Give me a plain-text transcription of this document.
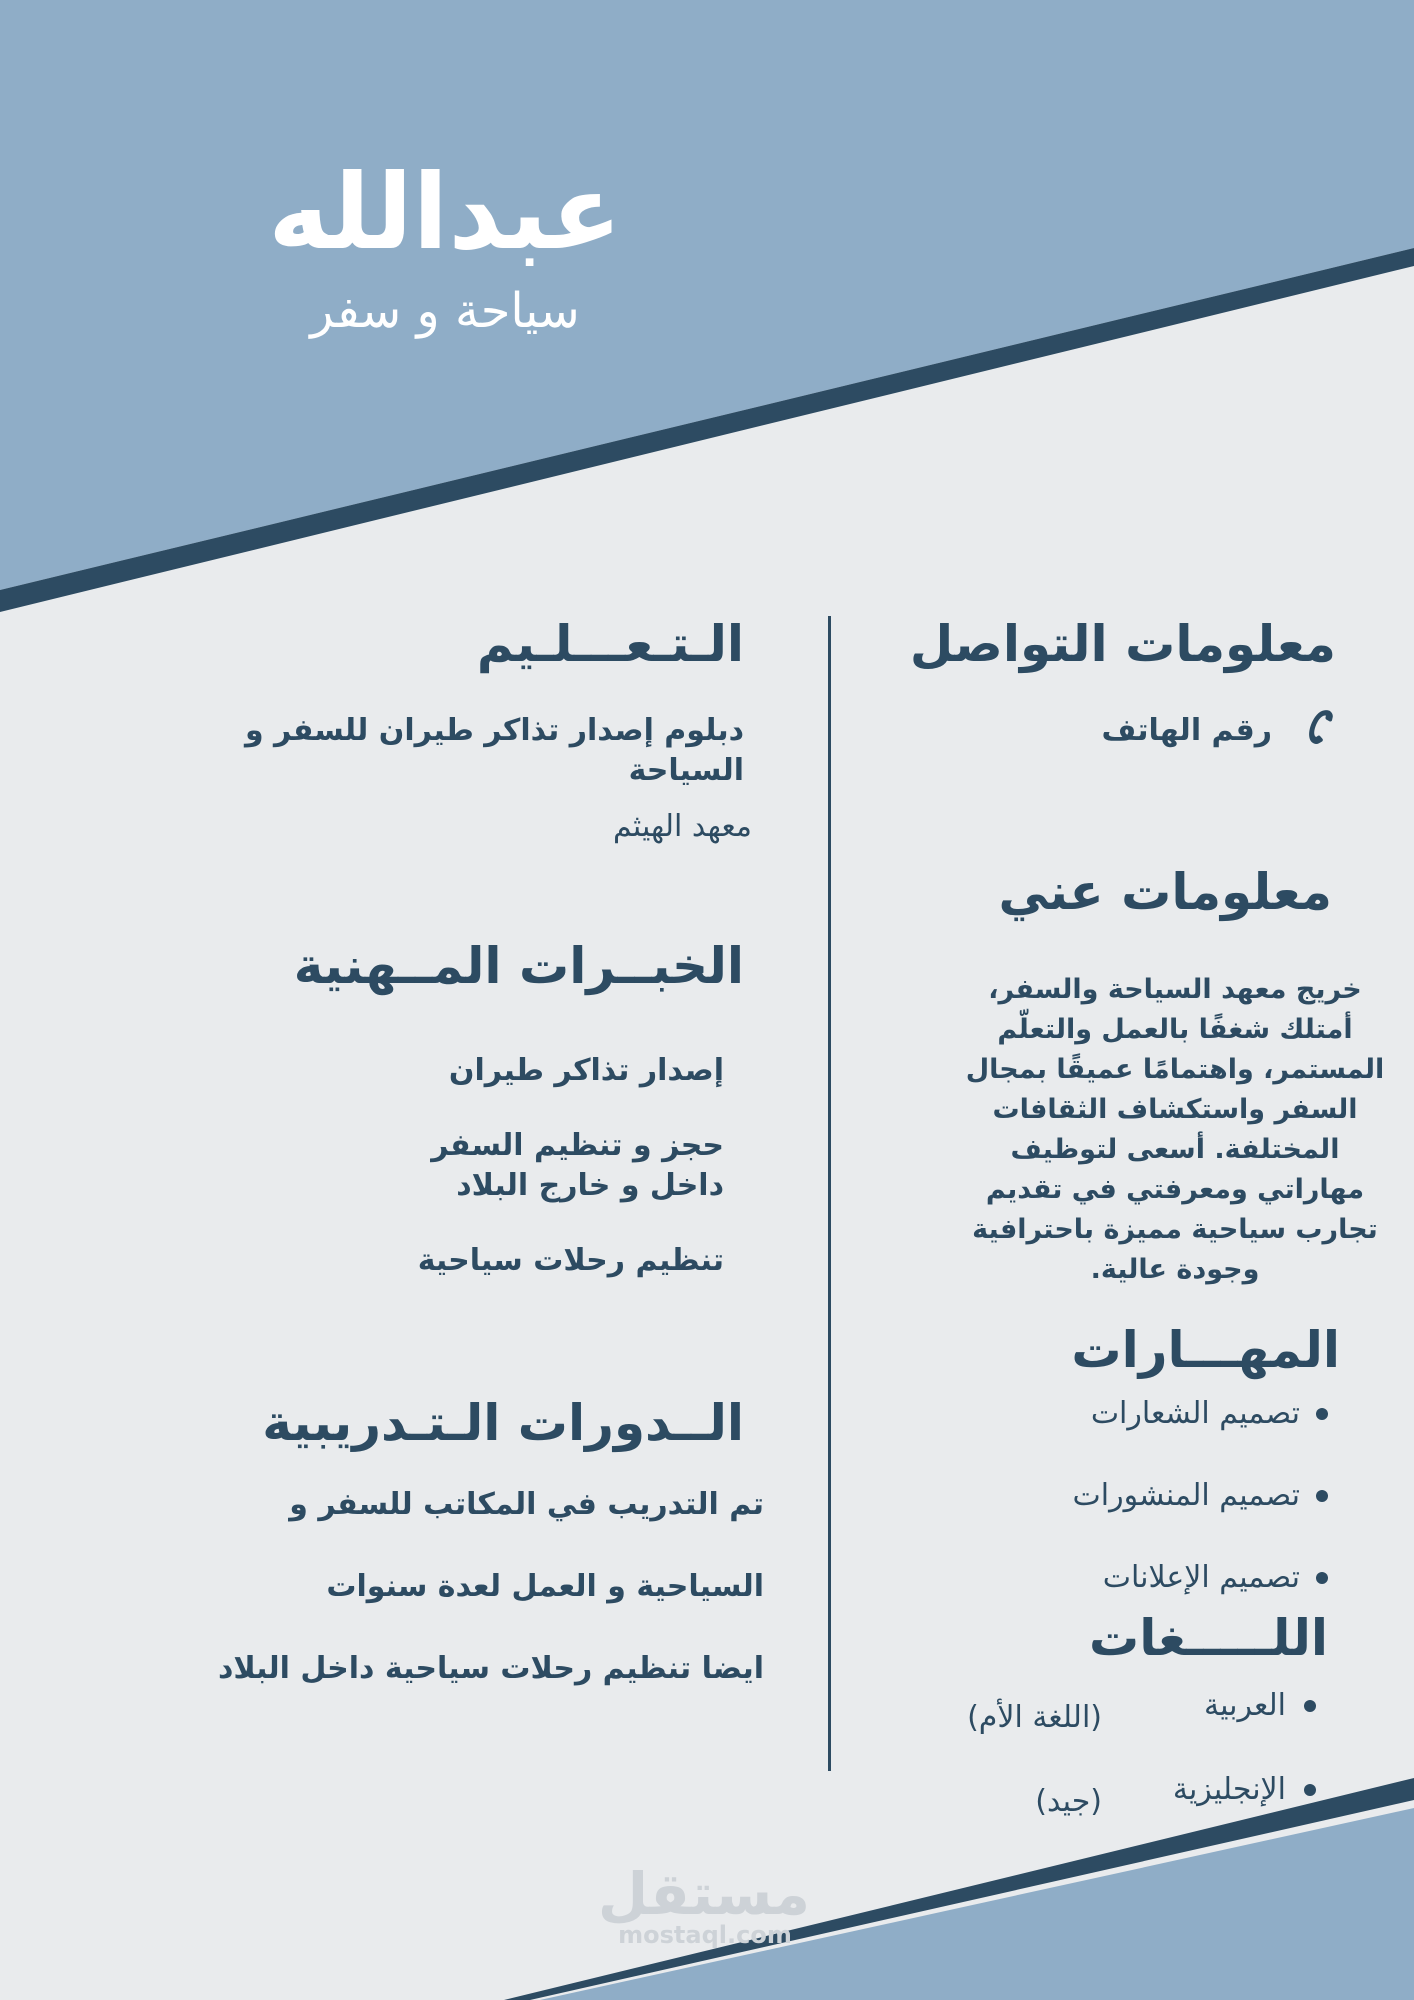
عبدالله
سياحة و سفر
معلومات التواصل
رقم الهاتف
معلومات عني
خريج معهد السياحة والسفر،
أمتلك شغفًا بالعمل والتعلّم
المستمر، واهتمامًا عميقًا بمجال
السفر واستكشاف الثقافات
المختلفة. أسعى لتوظيف
مهاراتي ومعرفتي في تقديم
تجارب سياحية مميزة باحترافية
وجودة عالية.
المهـــارات
تصميم الشعارات
تصميم المنشورات
تصميم الإعلانات
اللـــــغات
العربية
(اللغة الأم)
الإنجليزية
(جيد)
الـتـعـــلـيم
دبلوم إصدار تذاكر طيران للسفر و
السياحة
معهد الهيثم
الخبــرات المــهنية
إصدار تذاكر طيران
حجز و تنظيم السفر
داخل و خارج البلاد
تنظيم رحلات سياحية
الــدورات الـتـدريبية
تم التدريب في المكاتب للسفر و
السياحية و العمل لعدة سنوات
ايضا تنظيم رحلات سياحية داخل البلاد
مستقل
mostaql.com
